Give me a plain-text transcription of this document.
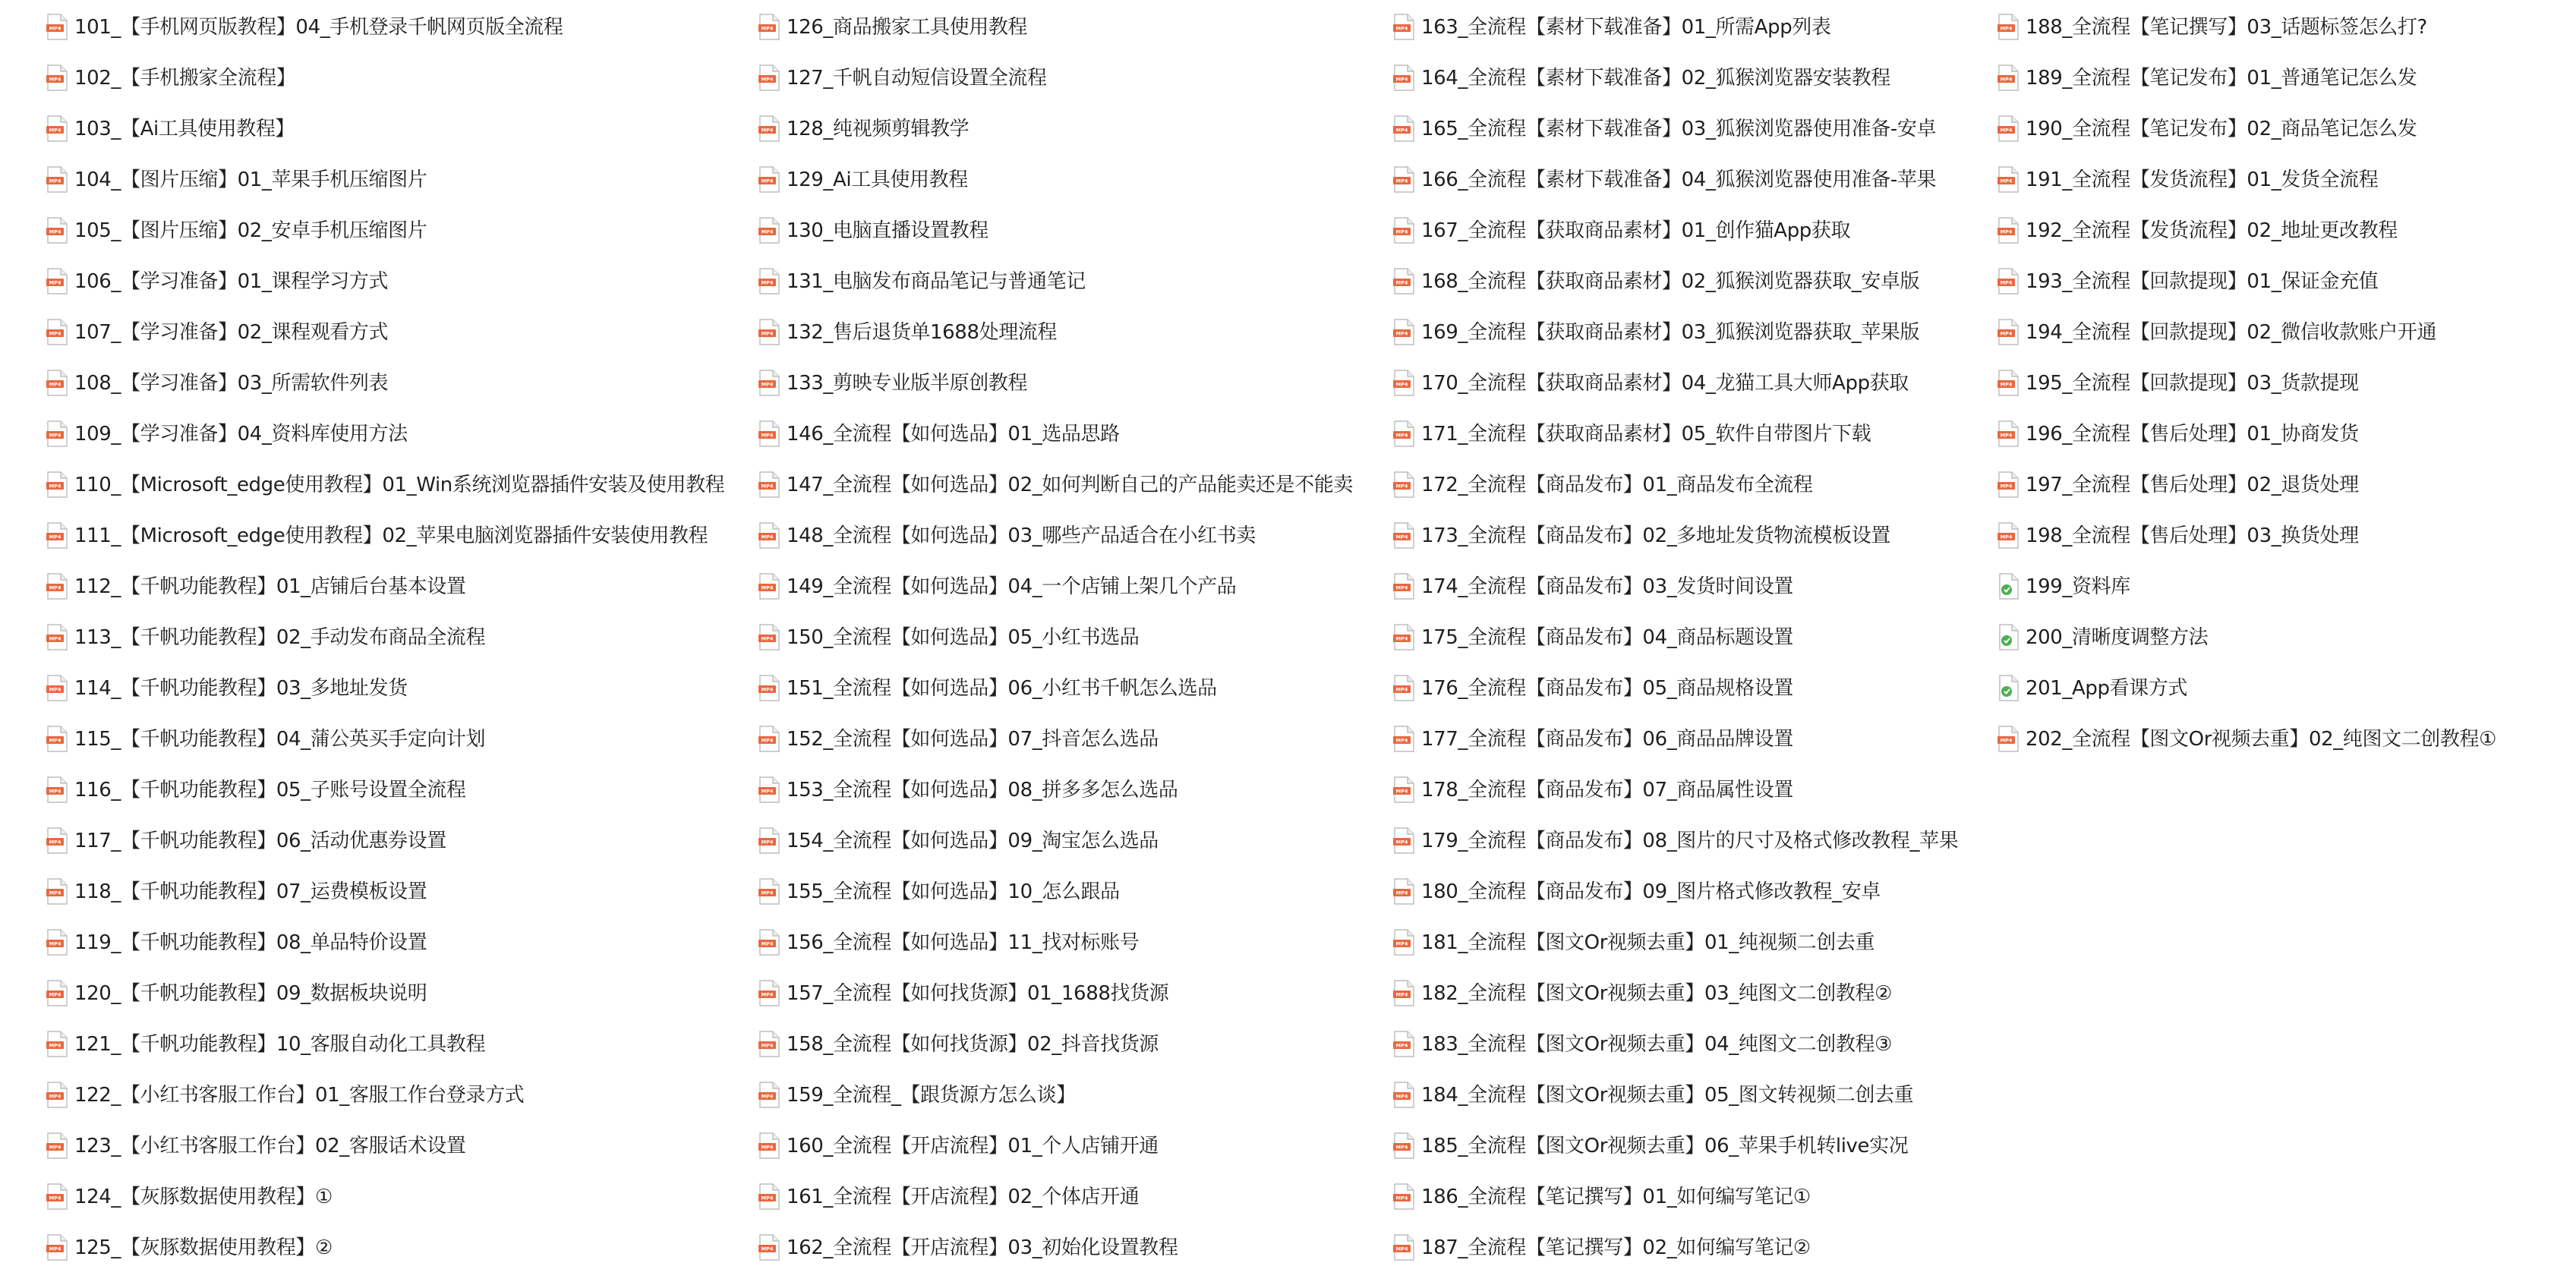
MP4 101_【手机网页版教程】04_手机登录千帆网页版全流程
MP4 102_【手机搬家全流程】
MP4 103_【Ai工具使用教程】
MP4 104_【图片压缩】01_苹果手机压缩图片
MP4 105_【图片压缩】02_安卓手机压缩图片
MP4 106_【学习准备】01_课程学习方式
MP4 107_【学习准备】02_课程观看方式
MP4 108_【学习准备】03_所需软件列表
MP4 109_【学习准备】04_资料库使用方法
MP4 110_【Microsoft_edge使用教程】01_Win系统浏览器插件安装及使用教程
MP4 111_【Microsoft_edge使用教程】02_苹果电脑浏览器插件安装使用教程
MP4 112_【千帆功能教程】01_店铺后台基本设置
MP4 113_【千帆功能教程】02_手动发布商品全流程
MP4 114_【千帆功能教程】03_多地址发货
MP4 115_【千帆功能教程】04_蒲公英买手定向计划
MP4 116_【千帆功能教程】05_子账号设置全流程
MP4 117_【千帆功能教程】06_活动优惠券设置
MP4 118_【千帆功能教程】07_运费模板设置
MP4 119_【千帆功能教程】08_单品特价设置
MP4 120_【千帆功能教程】09_数据板块说明
MP4 121_【千帆功能教程】10_客服自动化工具教程
MP4 122_【小红书客服工作台】01_客服工作台登录方式
MP4 123_【小红书客服工作台】02_客服话术设置
MP4 124_【灰豚数据使用教程】①
MP4 125_【灰豚数据使用教程】②
MP4 126_商品搬家工具使用教程
MP4 127_千帆自动短信设置全流程
MP4 128_纯视频剪辑教学
MP4 129_Ai工具使用教程
MP4 130_电脑直播设置教程
MP4 131_电脑发布商品笔记与普通笔记
MP4 132_售后退货单1688处理流程
MP4 133_剪映专业版半原创教程
MP4 146_全流程【如何选品】01_选品思路
MP4 147_全流程【如何选品】02_如何判断自己的产品能卖还是不能卖
MP4 148_全流程【如何选品】03_哪些产品适合在小红书卖
MP4 149_全流程【如何选品】04_一个店铺上架几个产品
MP4 150_全流程【如何选品】05_小红书选品
MP4 151_全流程【如何选品】06_小红书千帆怎么选品
MP4 152_全流程【如何选品】07_抖音怎么选品
MP4 153_全流程【如何选品】08_拼多多怎么选品
MP4 154_全流程【如何选品】09_淘宝怎么选品
MP4 155_全流程【如何选品】10_怎么跟品
MP4 156_全流程【如何选品】11_找对标账号
MP4 157_全流程【如何找货源】01_1688找货源
MP4 158_全流程【如何找货源】02_抖音找货源
MP4 159_全流程_【跟货源方怎么谈】
MP4 160_全流程【开店流程】01_个人店铺开通
MP4 161_全流程【开店流程】02_个体店开通
MP4 162_全流程【开店流程】03_初始化设置教程
MP4 163_全流程【素材下载准备】01_所需App列表
MP4 164_全流程【素材下载准备】02_狐猴浏览器安装教程
MP4 165_全流程【素材下载准备】03_狐猴浏览器使用准备-安卓
MP4 166_全流程【素材下载准备】04_狐猴浏览器使用准备-苹果
MP4 167_全流程【获取商品素材】01_创作猫App获取
MP4 168_全流程【获取商品素材】02_狐猴浏览器获取_安卓版
MP4 169_全流程【获取商品素材】03_狐猴浏览器获取_苹果版
MP4 170_全流程【获取商品素材】04_龙猫工具大师App获取
MP4 171_全流程【获取商品素材】05_软件自带图片下载
MP4 172_全流程【商品发布】01_商品发布全流程
MP4 173_全流程【商品发布】02_多地址发货物流模板设置
MP4 174_全流程【商品发布】03_发货时间设置
MP4 175_全流程【商品发布】04_商品标题设置
MP4 176_全流程【商品发布】05_商品规格设置
MP4 177_全流程【商品发布】06_商品品牌设置
MP4 178_全流程【商品发布】07_商品属性设置
MP4 179_全流程【商品发布】08_图片的尺寸及格式修改教程_苹果
MP4 180_全流程【商品发布】09_图片格式修改教程_安卓
MP4 181_全流程【图文Or视频去重】01_纯视频二创去重
MP4 182_全流程【图文Or视频去重】03_纯图文二创教程②
MP4 183_全流程【图文Or视频去重】04_纯图文二创教程③
MP4 184_全流程【图文Or视频去重】05_图文转视频二创去重
MP4 185_全流程【图文Or视频去重】06_苹果手机转live实况
MP4 186_全流程【笔记撰写】01_如何编写笔记①
MP4 187_全流程【笔记撰写】02_如何编写笔记②
MP4 188_全流程【笔记撰写】03_话题标签怎么打?
MP4 189_全流程【笔记发布】01_普通笔记怎么发
MP4 190_全流程【笔记发布】02_商品笔记怎么发
MP4 191_全流程【发货流程】01_发货全流程
MP4 192_全流程【发货流程】02_地址更改教程
MP4 193_全流程【回款提现】01_保证金充值
MP4 194_全流程【回款提现】02_微信收款账户开通
MP4 195_全流程【回款提现】03_货款提现
MP4 196_全流程【售后处理】01_协商发货
MP4 197_全流程【售后处理】02_退货处理
MP4 198_全流程【售后处理】03_换货处理
199_资料库
200_清晰度调整方法
201_App看课方式
MP4 202_全流程【图文Or视频去重】02_纯图文二创教程①
